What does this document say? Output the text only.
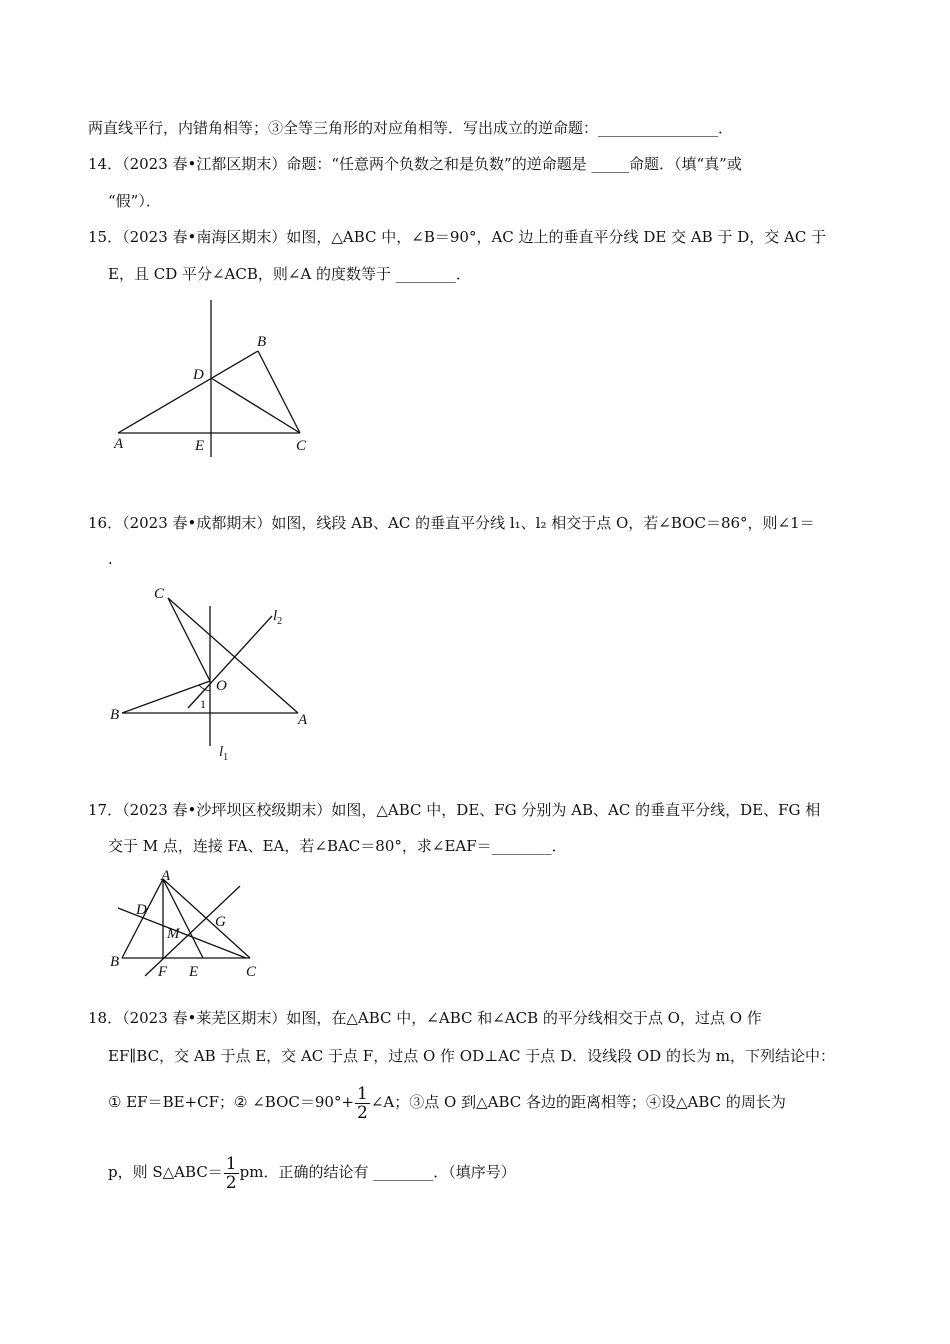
两直线平行，内错角相等；③全等三角形的对应角相等．写出成立的逆命题：________________．
14．（2023 春•江都区期末）命题：“任意两个负数之和是负数”的逆命题是 _____命题．（填“真”或
“假”）．
15．（2023 春•南海区期末）如图，△ABC 中，∠B＝90°，AC 边上的垂直平分线 DE 交 AB 于 D，交 AC 于
E，且 CD 平分∠ACB，则∠A 的度数等于 ________．
A
B
C
D
E
16．（2023 春•成都期末）如图，线段 AB、AC 的垂直平分线 l₁、l₂ 相交于点 O，若∠BOC＝86°，则∠1＝
.
C
B	A
O
1
$l_1$
$l_2$
17．（2023 春•沙坪坝区校级期末）如图，△ABC 中，DE、FG 分别为 AB、AC 的垂直平分线，DE、FG 相
交于 M 点，连接 FA、EA，若∠BAC＝80°，求∠EAF＝________．
A
D
M
G
B
F E	C
18．（2023 春•莱芜区期末）如图，在△ABC 中，∠ABC 和∠ACB 的平分线相交于点 O，过点 O 作
EF∥BC，交 AB 于点 E，交 AC 于点 F，过点 O 作 OD⊥AC 于点 D．设线段 OD 的长为 m，下列结论中：
① EF＝BE+CF；② ∠BOC＝90°+ $\frac{1}{2}$ ∠A；③点 O 到△ABC 各边的距离相等；④设△ABC 的周长为
p，则 S△ABC＝ $\frac{1}{2}$ pm．正确的结论有 ________．（填序号）
